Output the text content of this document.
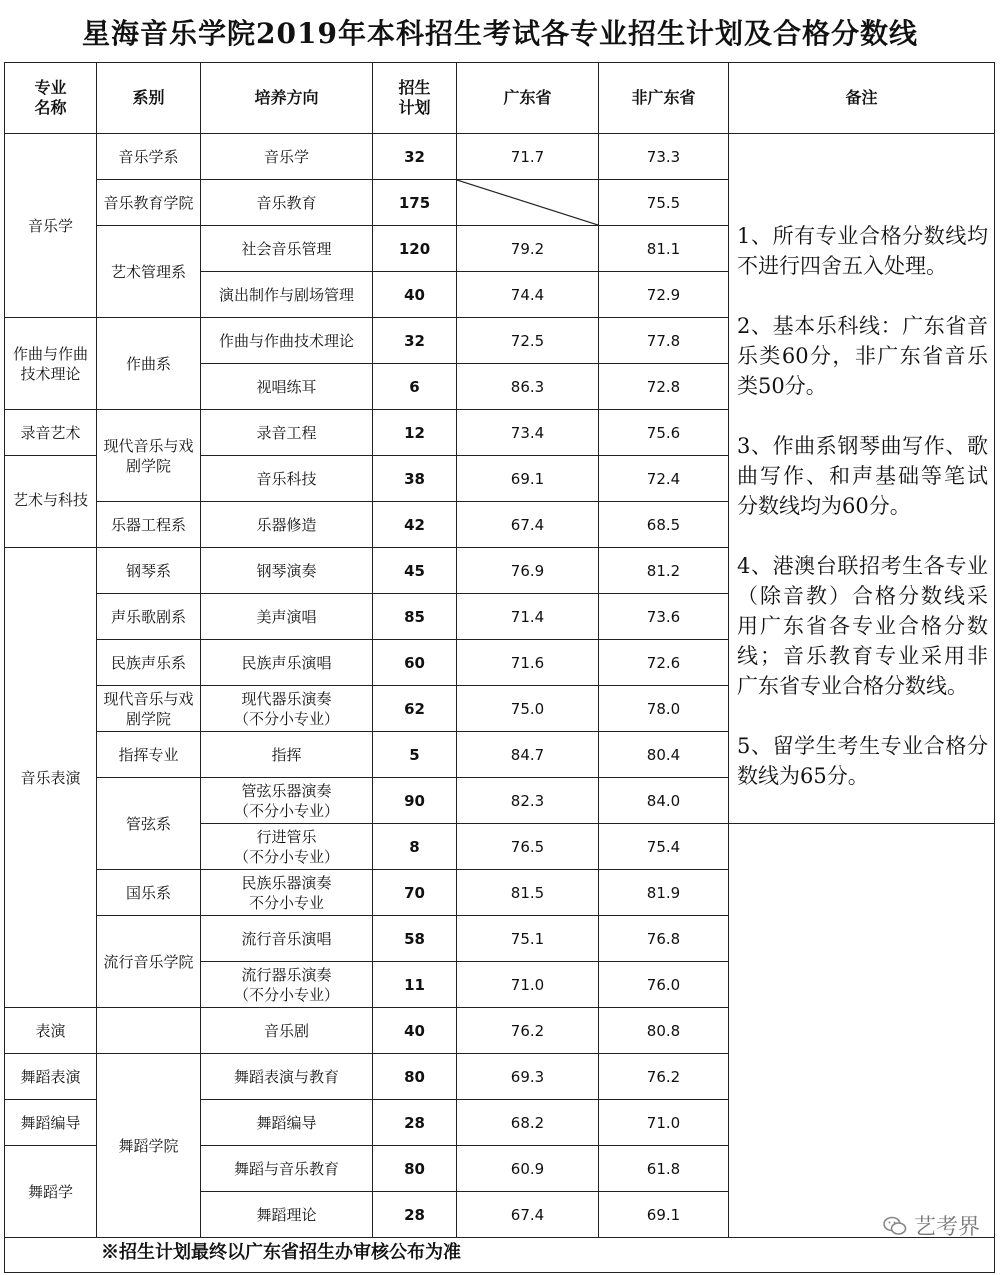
星海音乐学院2019年本科招生考试各专业招生计划及合格分数线
专业
名称	系别	培养方向	招生
计划	广东省	非广东省	备注
音乐学	音乐学系	音乐学	32	71.7	73.3	1、所有专业合格分数线均不进行四舍五入处理。
2、基本乐科线：广东省音乐类60分，非广东省音乐类50分。
3、作曲系钢琴曲写作、歌曲写作、和声基础等笔试分数线均为60分。
4、港澳台联招考生各专业（除音教）合格分数线采用广东省各专业合格分数线；音乐教育专业采用非广东省专业合格分数线。
5、留学生考生专业合格分数线为65分。

	音乐教育学院	音乐教育	175		75.5	
	艺术管理系	社会音乐管理	120	79.2	81.1	
		演出制作与剧场管理	40	74.4	72.9	
作曲与作曲
技术理论	作曲系	作曲与作曲技术理论	32	72.5	77.8	
		视唱练耳	6	86.3	72.8	
录音艺术	现代音乐与戏
剧学院	录音工程	12	73.4	75.6	
艺术与科技		音乐科技	38	69.1	72.4	
	乐器工程系	乐器修造	42	67.4	68.5	
音乐表演	钢琴系	钢琴演奏	45	76.9	81.2	
	声乐歌剧系	美声演唱	85	71.4	73.6	
	民族声乐系	民族声乐演唱	60	71.6	72.6	
	现代音乐与戏
剧学院	现代器乐演奏
（不分小专业）	62	75.0	78.0	
	指挥专业	指挥	5	84.7	80.4	
	管弦系	管弦乐器演奏
（不分小专业）	90	82.3	84.0	
		行进管乐
（不分小专业）	8	76.5	75.4	
	国乐系	民族乐器演奏
不分小专业	70	81.5	81.9	
	流行音乐学院	流行音乐演唱	58	75.1	76.8	
		流行器乐演奏
（不分小专业）	11	71.0	76.0	
表演		音乐剧	40	76.2	80.8	
舞蹈表演	舞蹈学院	舞蹈表演与教育	80	69.3	76.2	
舞蹈编导		舞蹈编导	28	68.2	71.0	
舞蹈学		舞蹈与音乐教育	80	60.9	61.8	
		舞蹈理论	28	67.4	69.1	
※招生计划最终以广东省招生办审核公布为准
艺考界
